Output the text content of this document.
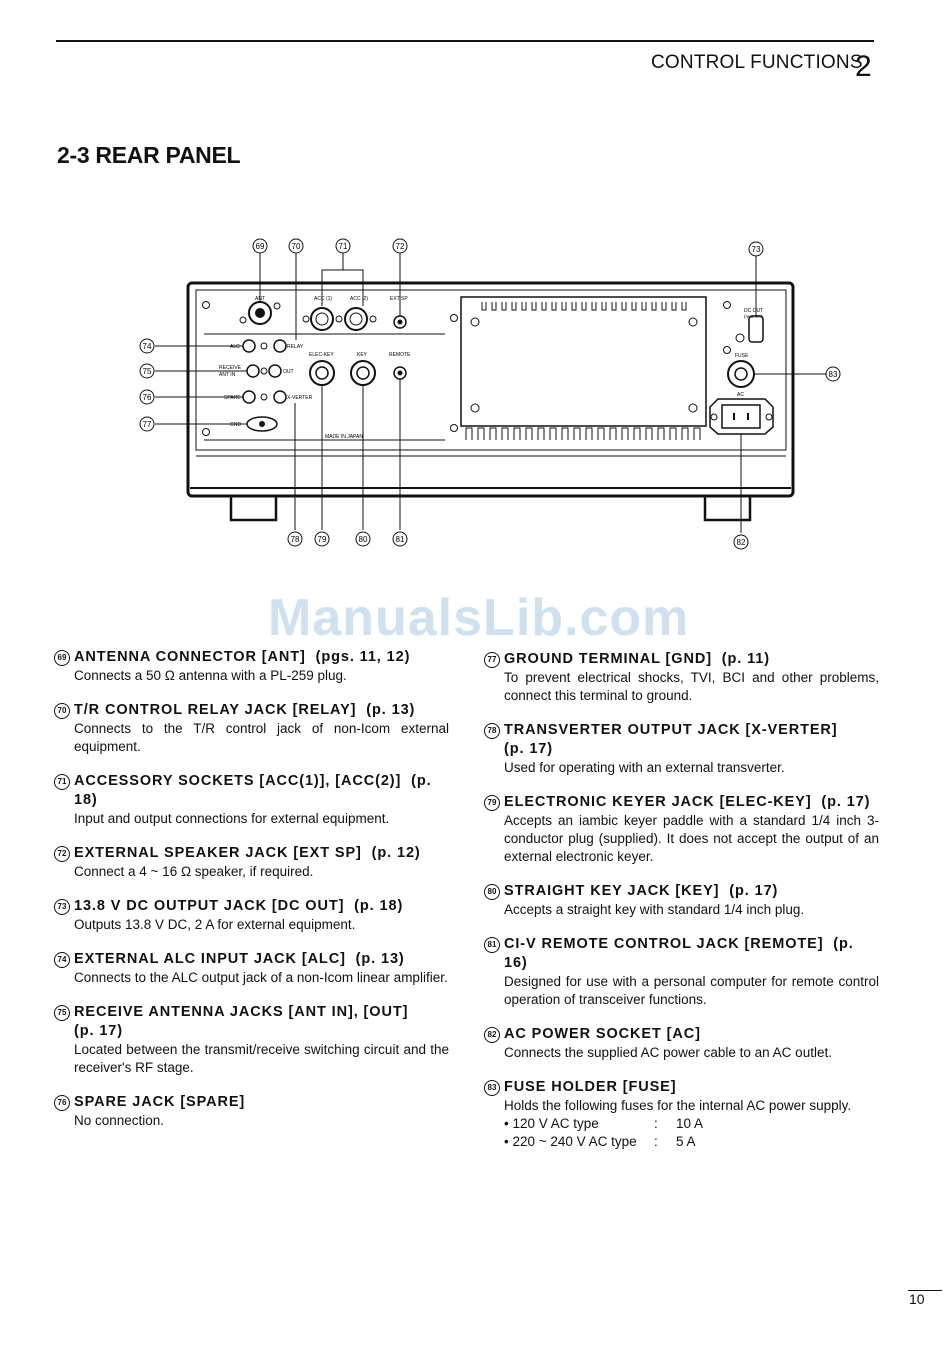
CONTROL FUNCTIONS
2
2-3 REAR PANEL
ANT	ACC (1)	ACC (2)	EXT SP
ALC	RELAY
RECEIVE
ANT IN	OUT
SPARE	X-VERTER
GND
ELEC-KEY	KEY	REMOTE
MADE IN JAPAN
DC OUT
(max 2A)
FUSE
AC
69	70	71	72	73
74
75
76
77
78 79	80	81	82
83
ManualsLib.com
69 ANTENNA CONNECTOR [ANT] (pgs. 11, 12)
Connects a 50 Ω antenna with a PL-259 plug.
70 T/R CONTROL RELAY JACK [RELAY] (p. 13)
Connects to the T/R control jack of non-Icom external equipment.
71 ACCESSORY SOCKETS [ACC(1)], [ACC(2)] (p. 18)
Input and output connections for external equipment.
72 EXTERNAL SPEAKER JACK [EXT SP] (p. 12)
Connect a 4 ~ 16 Ω speaker, if required.
73 13.8 V DC OUTPUT JACK [DC OUT] (p. 18)
Outputs 13.8 V DC, 2 A for external equipment.
74 EXTERNAL ALC INPUT JACK [ALC] (p. 13)
Connects to the ALC output jack of a non-Icom linear amplifier.
75 RECEIVE ANTENNA JACKS [ANT IN], [OUT]
(p. 17)
Located between the transmit/receive switching circuit and the receiver's RF stage.
76 SPARE JACK [SPARE]
No connection.
77 GROUND TERMINAL [GND] (p. 11)
To prevent electrical shocks, TVI, BCI and other problems, connect this terminal to ground.
78 TRANSVERTER OUTPUT JACK [X-VERTER]
(p. 17)
Used for operating with an external transverter.
79 ELECTRONIC KEYER JACK [ELEC-KEY] (p. 17)
Accepts an iambic keyer paddle with a standard 1/4 inch 3-conductor plug (supplied). It does not accept the output of an external electronic keyer.
80 STRAIGHT KEY JACK [KEY] (p. 17)
Accepts a straight key with standard 1/4 inch plug.
81 CI-V REMOTE CONTROL JACK [REMOTE] (p. 16)
Designed for use with a personal computer for remote control operation of transceiver functions.
82 AC POWER SOCKET [AC]
Connects the supplied AC power cable to an AC outlet.
83 FUSE HOLDER [FUSE]
Holds the following fuses for the internal AC power supply.
• 120 V AC type	: 10 A
• 220 ~ 240 V AC type : 5 A
10
